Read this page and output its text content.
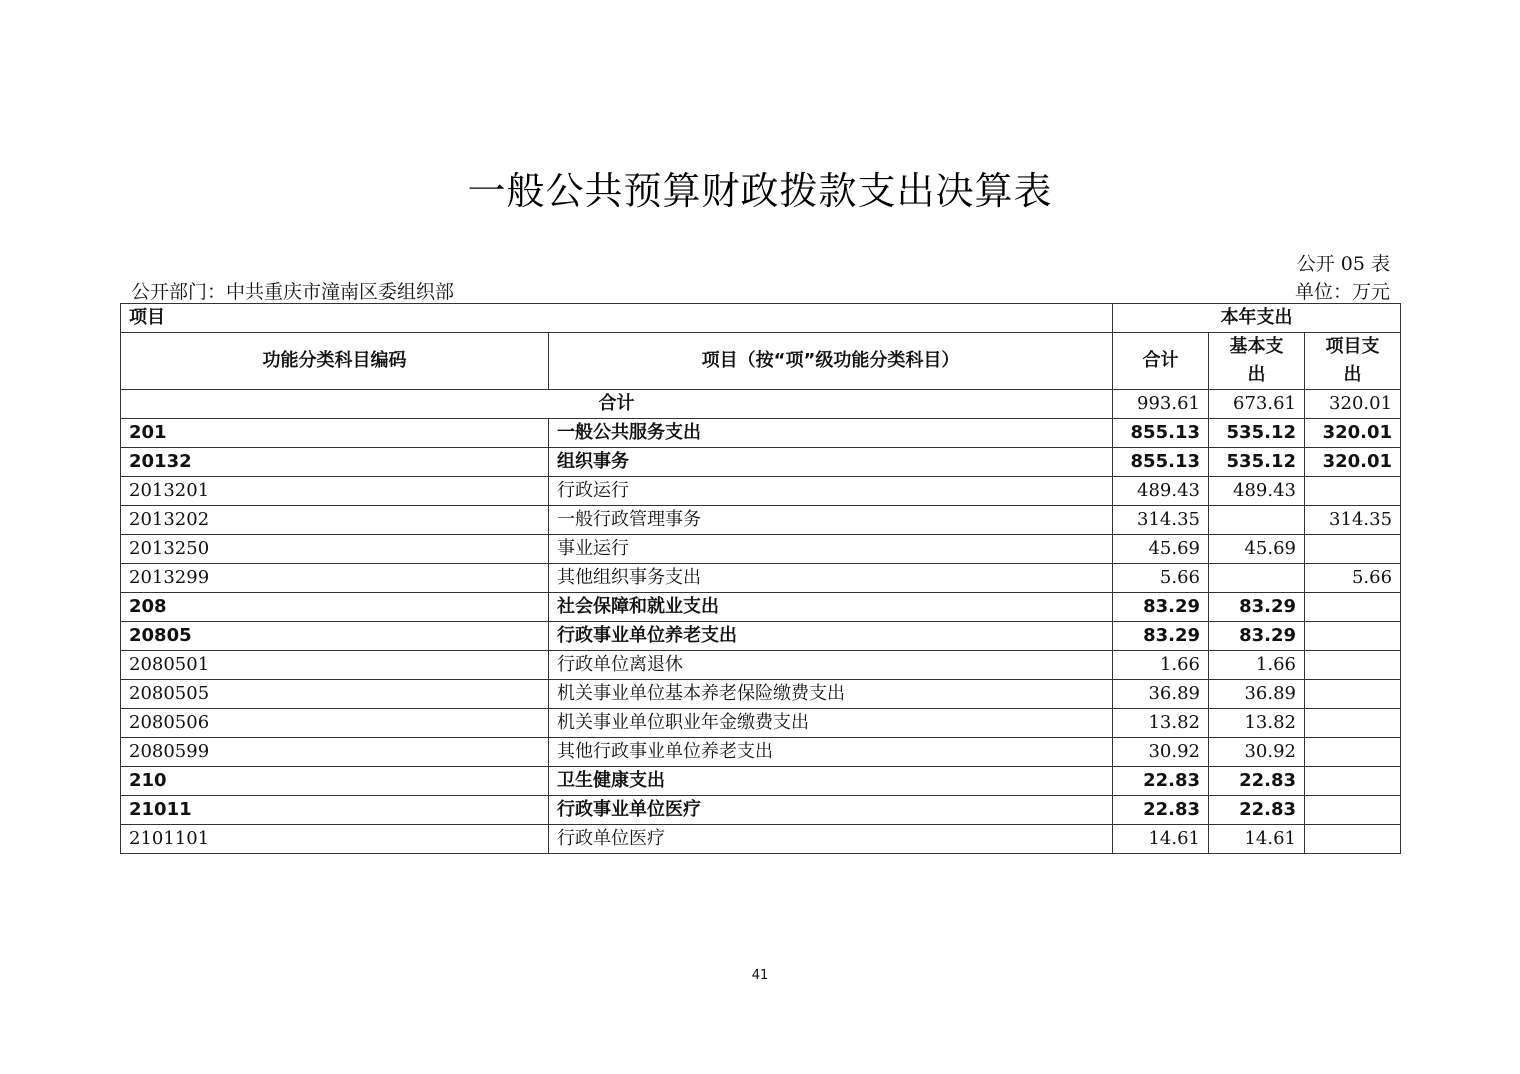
一般公共预算财政拨款支出决算表
公开 05 表
公开部门：中共重庆市潼南区委组织部	单位：万元
项目		本年支出		
功能分类科目编码	项目（按“项”级功能分类科目）	合计	基本支
出	项目支
出
合计		993.61	673.61	320.01
201	一般公共服务支出	855.13	535.12	320.01
20132	组织事务	855.13	535.12	320.01
2013201	行政运行	489.43	489.43	
2013202	一般行政管理事务	314.35		314.35
2013250	事业运行	45.69	45.69	
2013299	其他组织事务支出	5.66		5.66
208	社会保障和就业支出	83.29	83.29	
20805	行政事业单位养老支出	83.29	83.29	
2080501	行政单位离退休	1.66	1.66	
2080505	机关事业单位基本养老保险缴费支出	36.89	36.89	
2080506	机关事业单位职业年金缴费支出	13.82	13.82	
2080599	其他行政事业单位养老支出	30.92	30.92	
210	卫生健康支出	22.83	22.83	
21011	行政事业单位医疗	22.83	22.83	
2101101	行政单位医疗	14.61	14.61	
41
